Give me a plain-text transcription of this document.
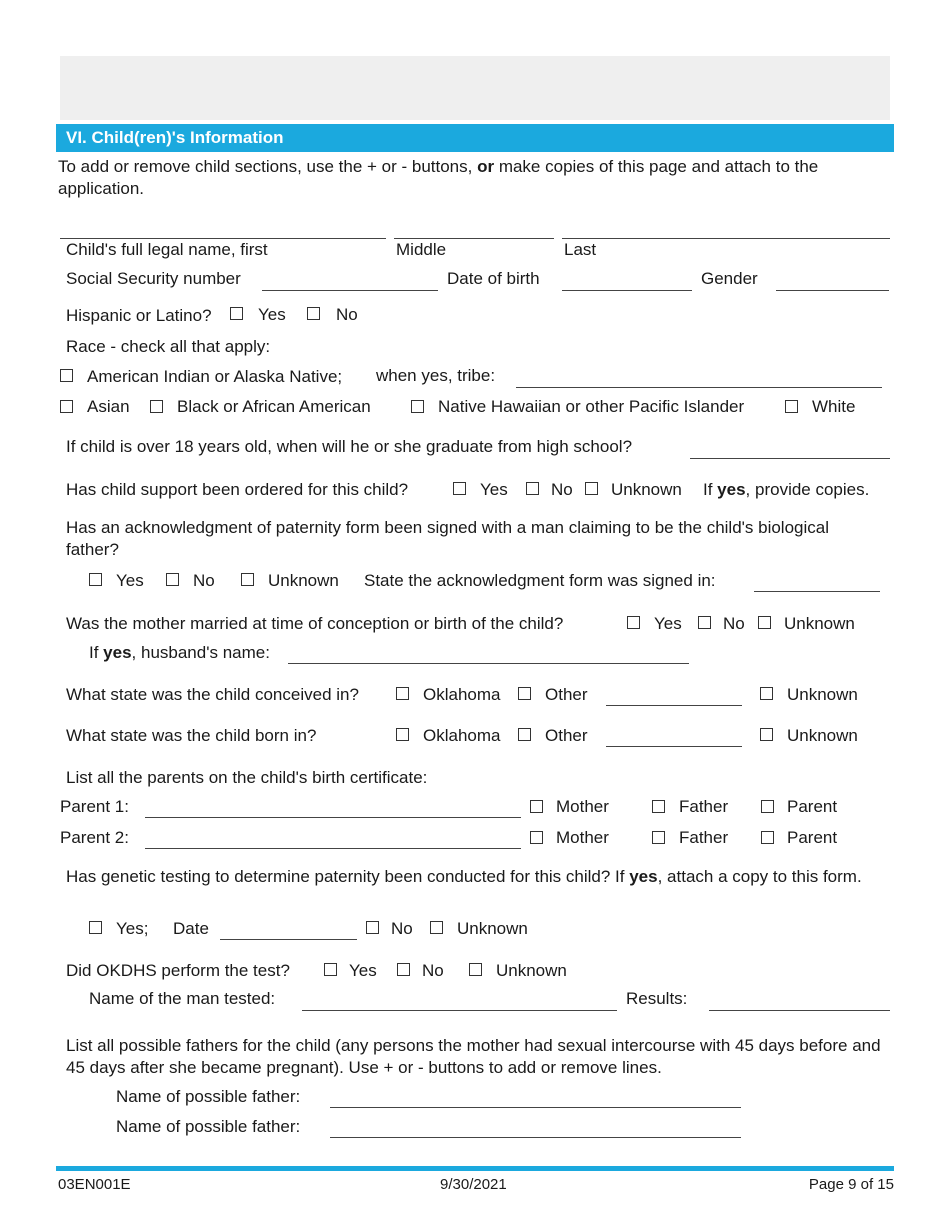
VI. Child(ren)'s Information
To add or remove child sections, use the + or - buttons, or make copies of this page and attach to the application.
Child's full legal name, first	Middle	Last
Social Security number	Date of birth	Gender
Hispanic or Latino?	Yes	No
Race - check all that apply:
American Indian or Alaska Native; when yes, tribe:
Asian	Black or African American	Native Hawaiian or other Pacific Islander	White
If child is over 18 years old, when will he or she graduate from high school?
Has child support been ordered for this child?	Yes	No Unknown If yes, provide copies.
Has an acknowledgment of paternity form been signed with a man claiming to be the child's biological father?
Yes	No	Unknown State the acknowledgment form was signed in:
Was the mother married at time of conception or birth of the child?	Yes No Unknown
If yes, husband's name:
What state was the child conceived in?	Oklahoma	Other	Unknown
What state was the child born in?	Oklahoma	Other	Unknown
List all the parents on the child's birth certificate:
Parent 1:	Mother	Father	Parent
Parent 2:	Mother	Father	Parent
Has genetic testing to determine paternity been conducted for this child? If yes, attach a copy to this form.
Yes; Date	No	Unknown
Did OKDHS perform the test?	Yes	No	Unknown
Name of the man tested:	Results:
List all possible fathers for the child (any persons the mother had sexual intercourse with 45 days before and 45 days after she became pregnant). Use + or - buttons to add or remove lines.
Name of possible father:
Name of possible father:
03EN001E	9/30/2021	Page 9 of 15
